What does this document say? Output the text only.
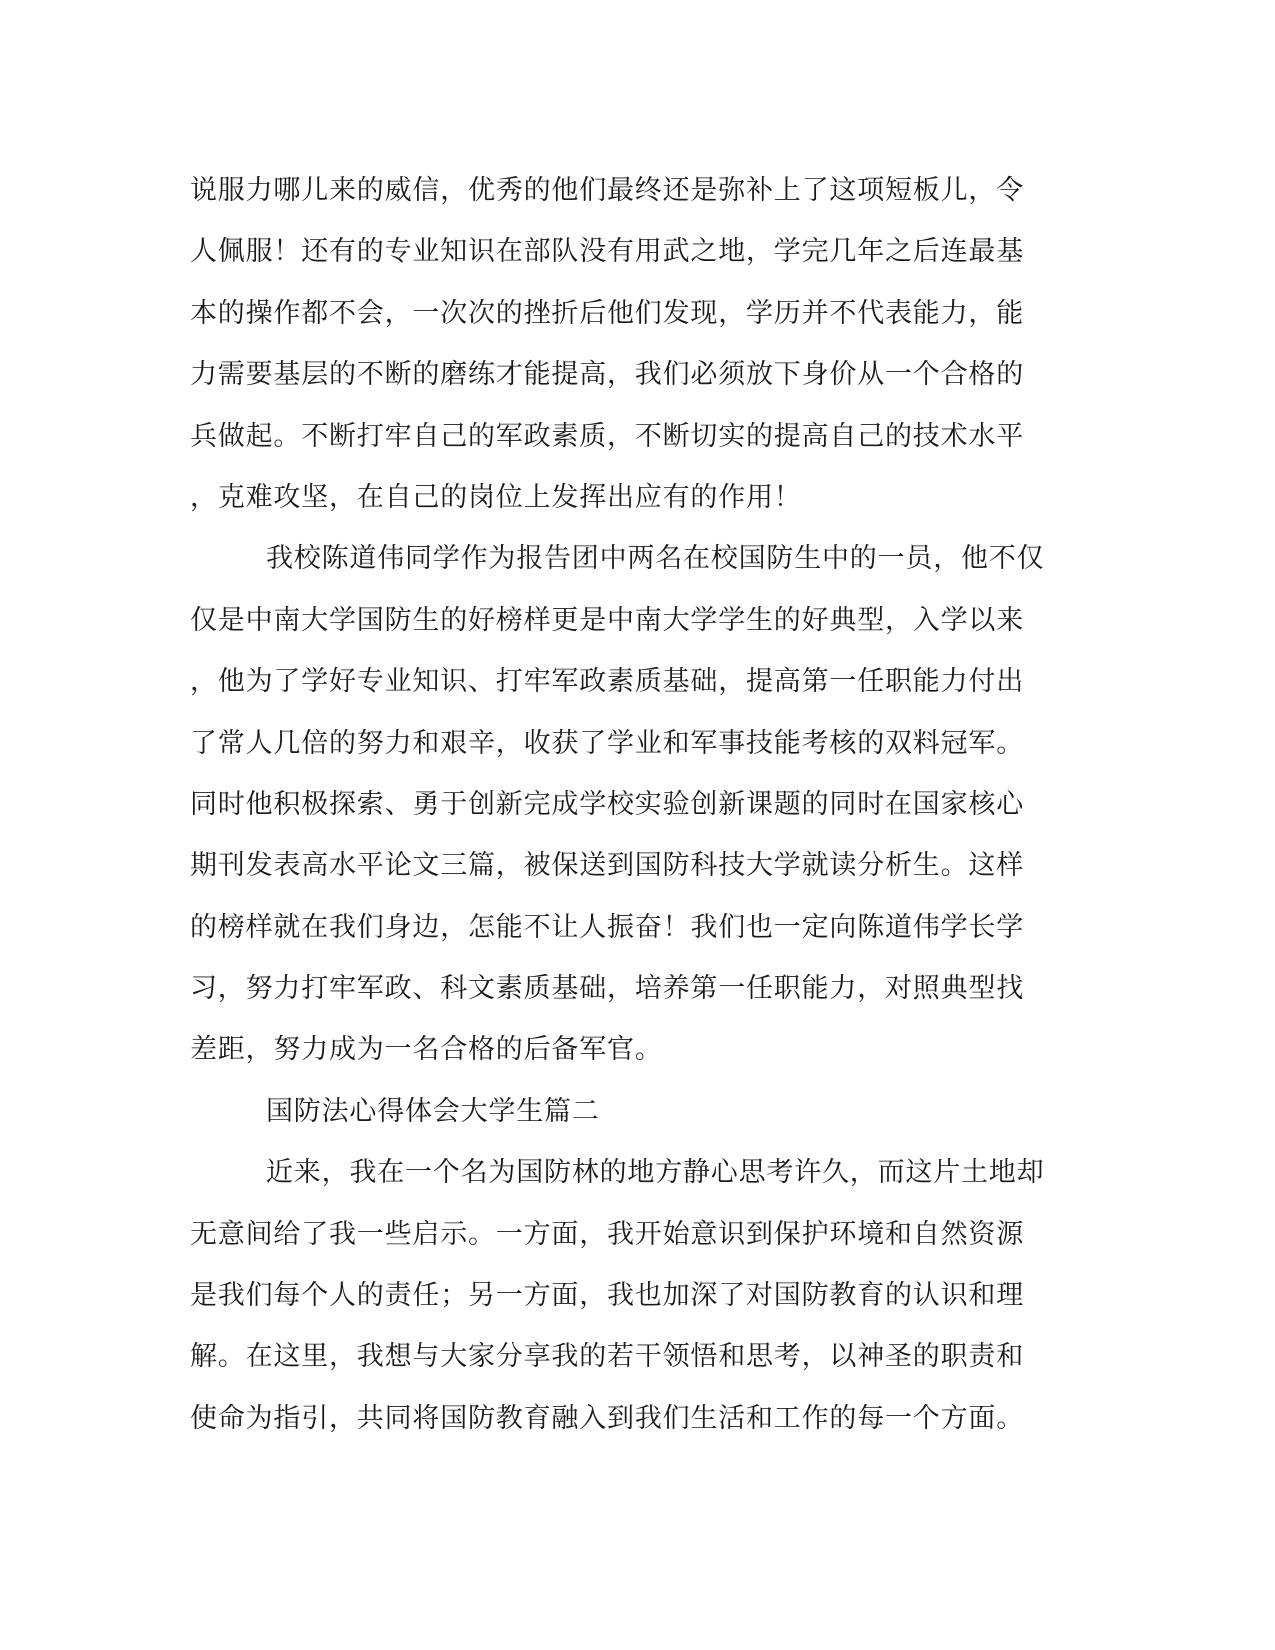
说服力哪儿来的威信，优秀的他们最终还是弥补上了这项短板儿，令
人佩服！还有的专业知识在部队没有用武之地，学完几年之后连最基
本的操作都不会，一次次的挫折后他们发现，学历并不代表能力，能
力需要基层的不断的磨练才能提高，我们必须放下身价从一个合格的
兵做起。不断打牢自己的军政素质，不断切实的提高自己的技术水平
，克难攻坚，在自己的岗位上发挥出应有的作用！
我校陈道伟同学作为报告团中两名在校国防生中的一员，他不仅
仅是中南大学国防生的好榜样更是中南大学学生的好典型，入学以来
，他为了学好专业知识、打牢军政素质基础，提高第一任职能力付出
了常人几倍的努力和艰辛，收获了学业和军事技能考核的双料冠军。
同时他积极探索、勇于创新完成学校实验创新课题的同时在国家核心
期刊发表高水平论文三篇，被保送到国防科技大学就读分析生。这样
的榜样就在我们身边，怎能不让人振奋！我们也一定向陈道伟学长学
习，努力打牢军政、科文素质基础，培养第一任职能力，对照典型找
差距，努力成为一名合格的后备军官。
国防法心得体会大学生篇二
近来，我在一个名为国防林的地方静心思考许久，而这片土地却
无意间给了我一些启示。一方面，我开始意识到保护环境和自然资源
是我们每个人的责任；另一方面，我也加深了对国防教育的认识和理
解。在这里，我想与大家分享我的若干领悟和思考，以神圣的职责和
使命为指引，共同将国防教育融入到我们生活和工作的每一个方面。
